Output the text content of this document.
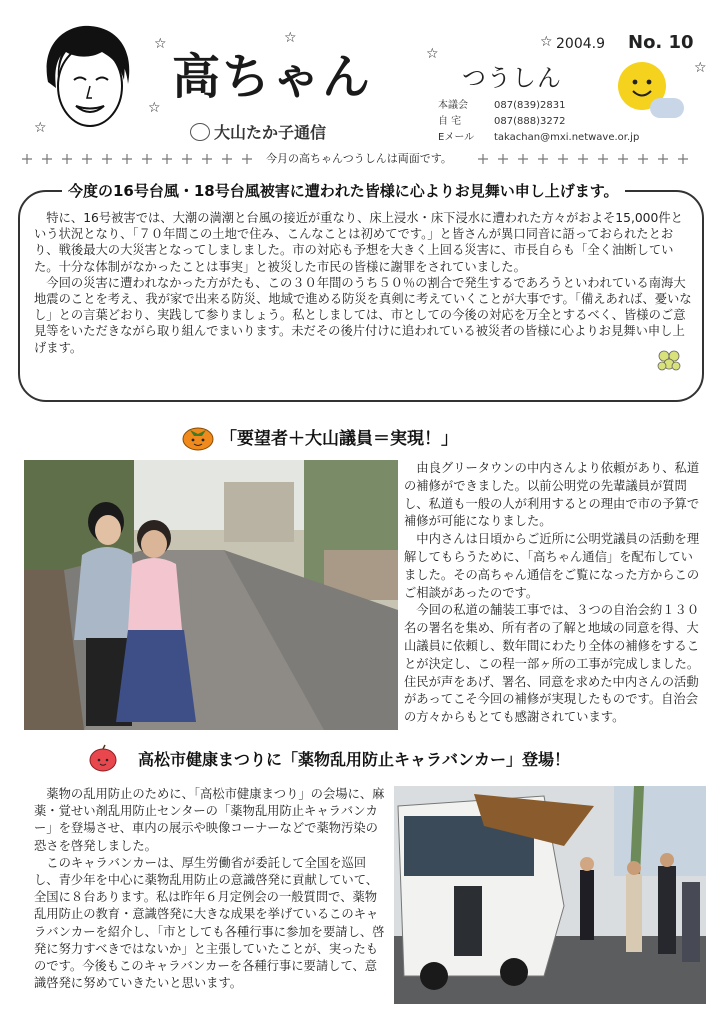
☆	☆
☆
☆
☆
☆
☆
高ちゃん	つうしん
大山たか子通信
2004.9 No. 10
本議会	087(839)2831
自 宅	087(888)3272
Eメール takachan@mxi.netwave.or.jp
今月の高ちゃんつうしんは両面です。
今度の16号台風・18号台風被害に遭われた皆様に心よりお見舞い申し上げます。

特に、16号被害では、大潮の満潮と台風の接近が重なり、床上浸水・床下浸水に遭われた方々がおよそ15,000件という状況となり、「７０年間この土地で住み、こんなことは初めてです。」と皆さんが異口同音に語っておられたとおり、戦後最大の大災害となってしましました。市の対応も予想を大きく上回る災害に、市長自らも「全く油断していた。十分な体制がなかったことは事実」と被災した市民の皆様に謝罪をされていました。

今回の災害に遭われなかった方がたも、この３０年間のうち５０％の割合で発生するであろうといわれている南海大地震のことを考え、我が家で出来る防災、地域で進める防災を真剣に考えていくことが大事です。「備えあれば、憂いなし」との言葉どおり、実践して参りましょう。私としましては、市としての今後の対応を万全とするべく、皆様のご意見等をいただきながら取り組んでまいります。未だその後片付けに追われている被災者の皆様に心よりお見舞い申し上げます。

「要望者＋大山議員＝実現！」

由良グリータウンの中内さんより依頼があり、私道の補修ができました。以前公明党の先輩議員が質問し、私道も一般の人が利用するとの理由で市の予算で補修が可能になりました。

中内さんは日頃からご近所に公明党議員の活動を理解してもらうために、「高ちゃん通信」を配布していました。その高ちゃん通信をご覧になった方からこのご相談があったのです。

今回の私道の舗装工事では、３つの自治会約１３０名の署名を集め、所有者の了解と地域の同意を得、大山議員に依頼し、数年間にわたり全体の補修をすることが決定し、この程一部ヶ所の工事が完成しました。住民が声をあげ、署名、同意を求めた中内さんの活動があってこそ今回の補修が実現したものです。自治会の方々からもとても感謝されています。

高松市健康まつりに「薬物乱用防止キャラバンカー」登場！

薬物の乱用防止のために、「高松市健康まつり」の会場に、麻薬・覚せい剤乱用防止センターの「薬物乱用防止キャラバンカー」を登場させ、車内の展示や映像コーナーなどで薬物汚染の恐さを啓発しました。

このキャラバンカーは、厚生労働省が委託して全国を巡回し、青少年を中心に薬物乱用防止の意識啓発に貢献していて、全国に８台あります。私は昨年６月定例会の一般質問で、薬物乱用防止の教育・意識啓発に大きな成果を挙げているこのキャラバンカーを紹介し、「市としても各種行事に参加を要請し、啓発に努力すべきではないか」と主張していたことが、実ったものです。今後もこのキャラバンカーを各種行事に要請して、意識啓発に努めていきたいと思います。
